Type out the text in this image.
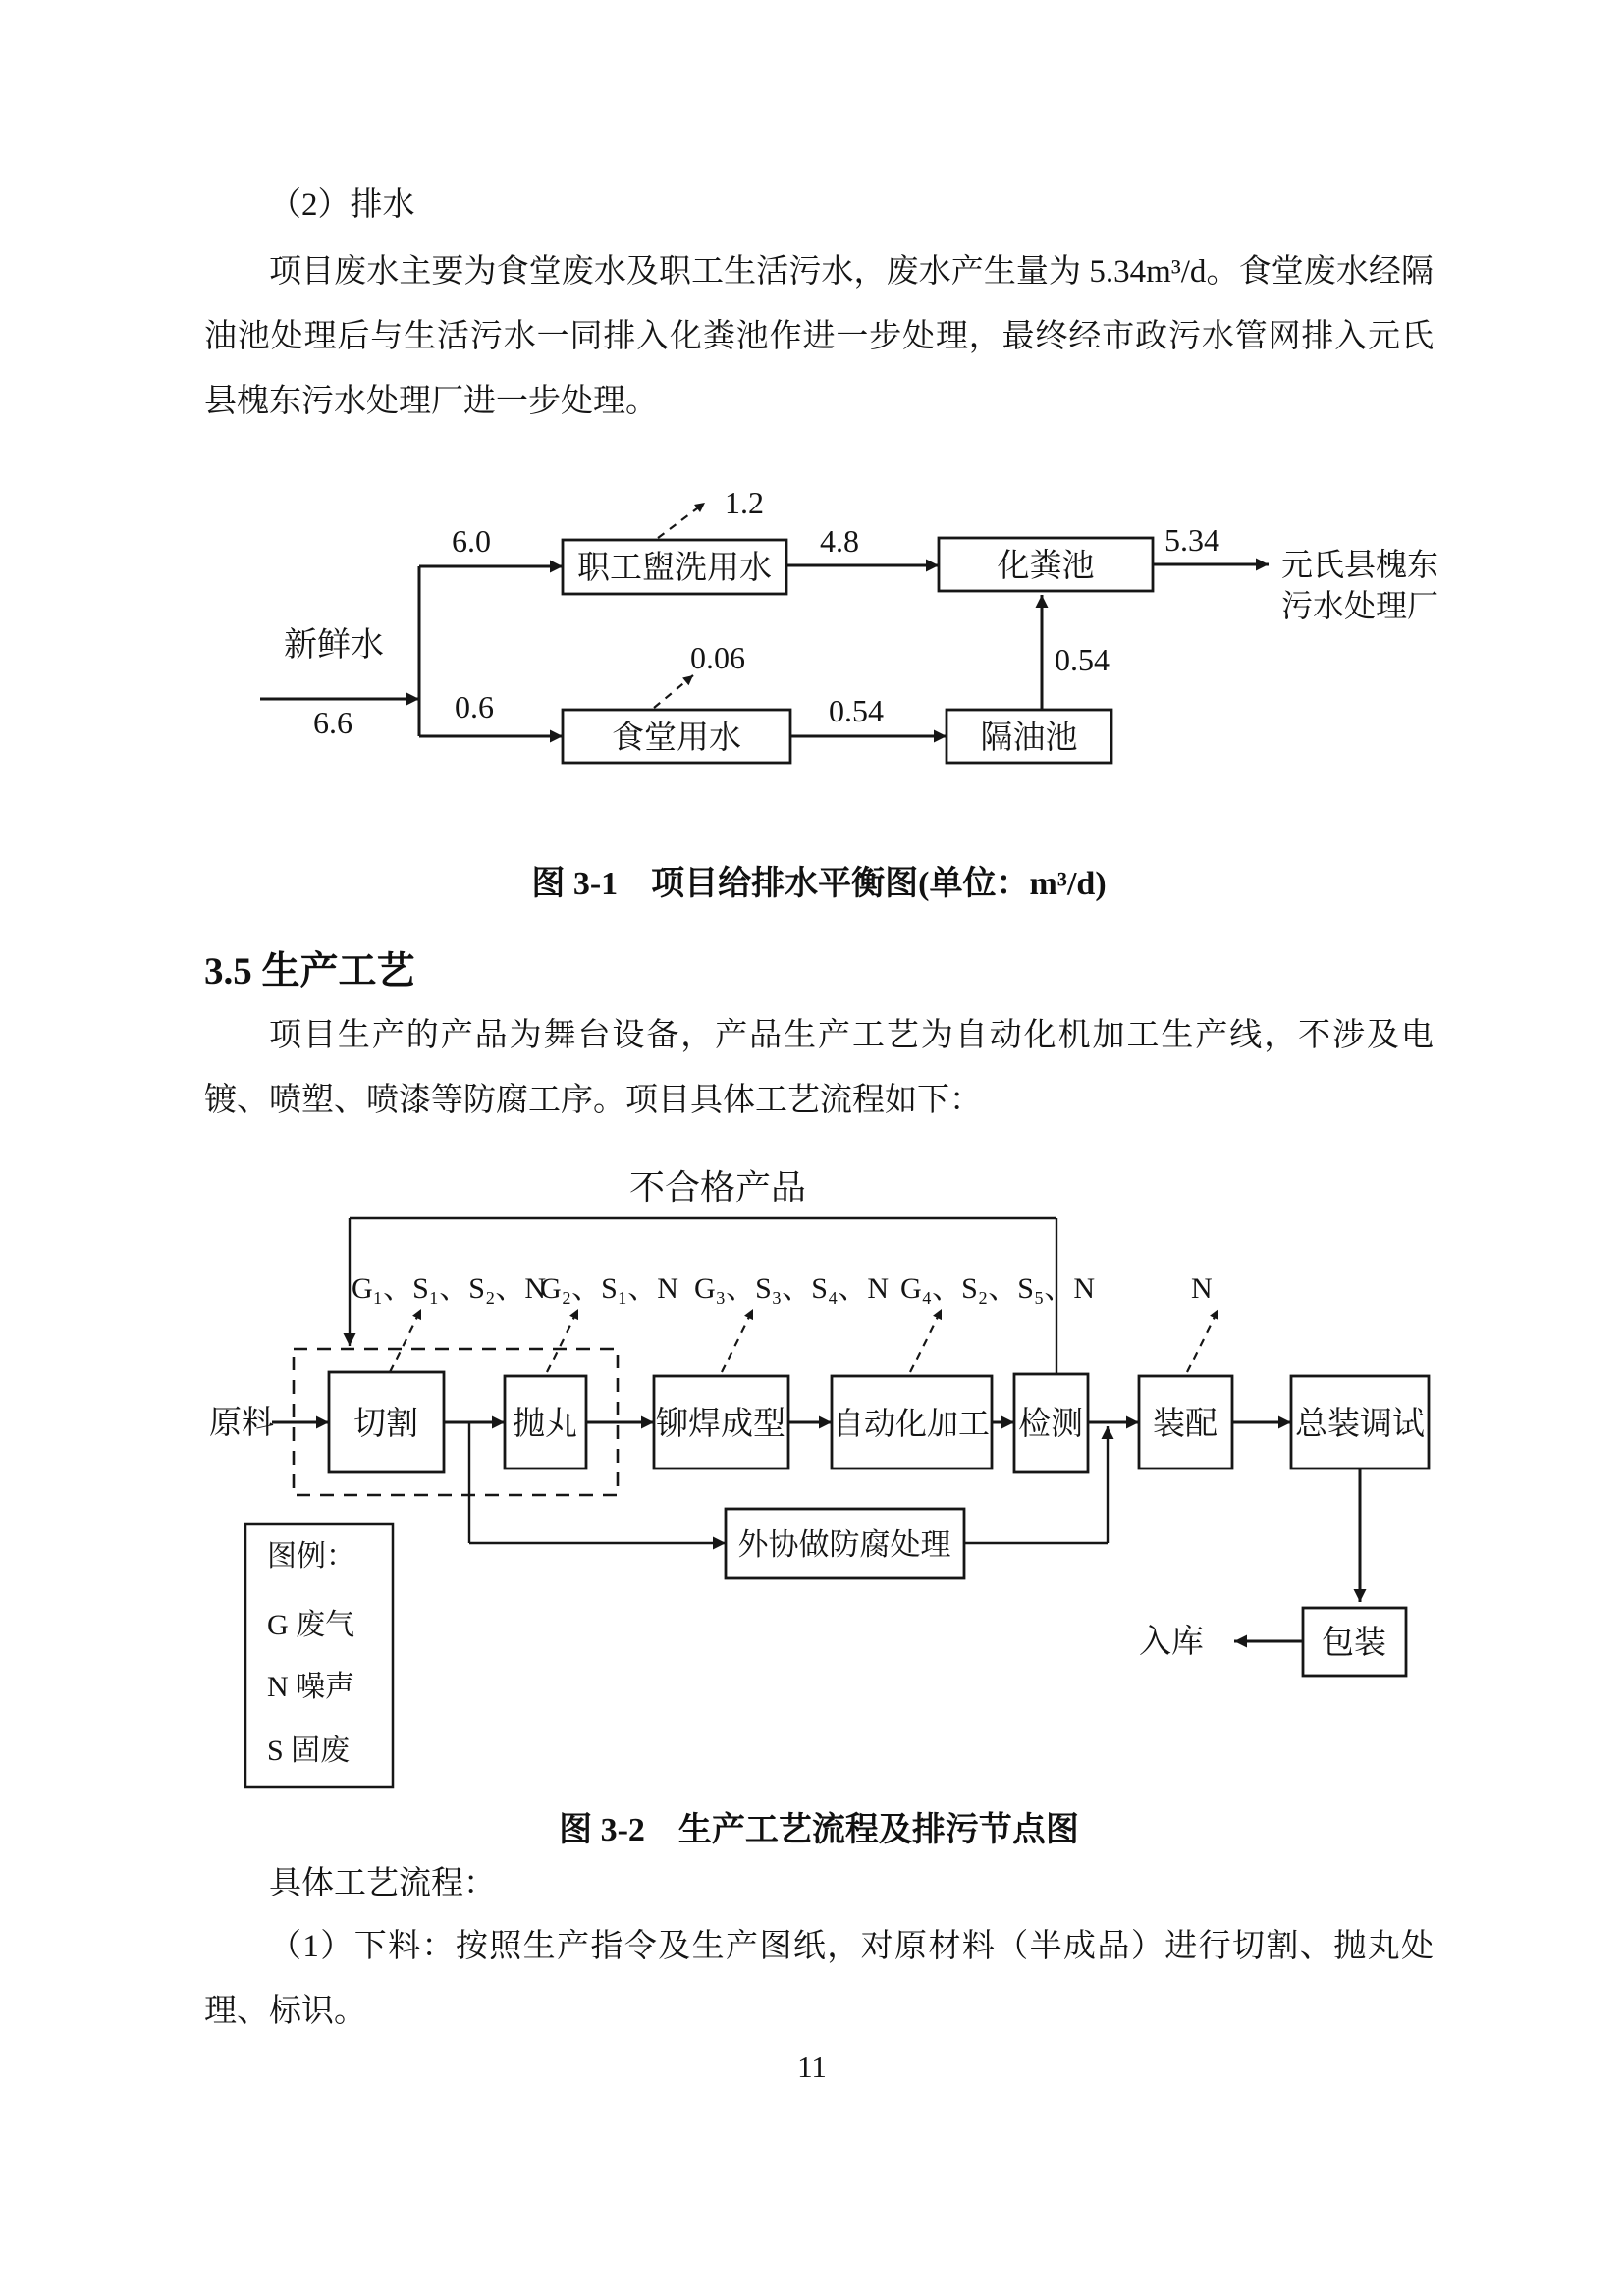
（2）排水

项目废水主要为食堂废水及职工生活污水，废水产生量为 5.34m³/d。食堂废水经隔油池处理后与生活污水一同排入化粪池作进一步处理，最终经市政污水管网排入元氏县槐东污水处理厂进一步处理。

新鲜水
6.6
6.0
职工盥洗用水
1.2
4.8
化粪池
5.34
元氏县槐东
污水处理厂
0.6
食堂用水
0.06
0.54
隔油池
0.54

图 3-1　项目给排水平衡图(单位：m³/d)

3.5 生产工艺

项目生产的产品为舞台设备，产品生产工艺为自动化机加工生产线，不涉及电镀、喷塑、喷漆等防腐工序。项目具体工艺流程如下：

不合格产品
G₁、S₁、S₂、N
G₂、S₁、N G₃、S₃、S₄、N G₄、S₂、S₅、N	N
原料 切割	抛丸 铆焊成型 自动化加工 检测 装配 总装调试
外协做防腐处理
包装
入库
图例：
G 废气
N 噪声
S 固废

图 3-2　生产工艺流程及排污节点图

具体工艺流程：

（1）下料：按照生产指令及生产图纸，对原材料（半成品）进行切割、抛丸处理、标识。

11
